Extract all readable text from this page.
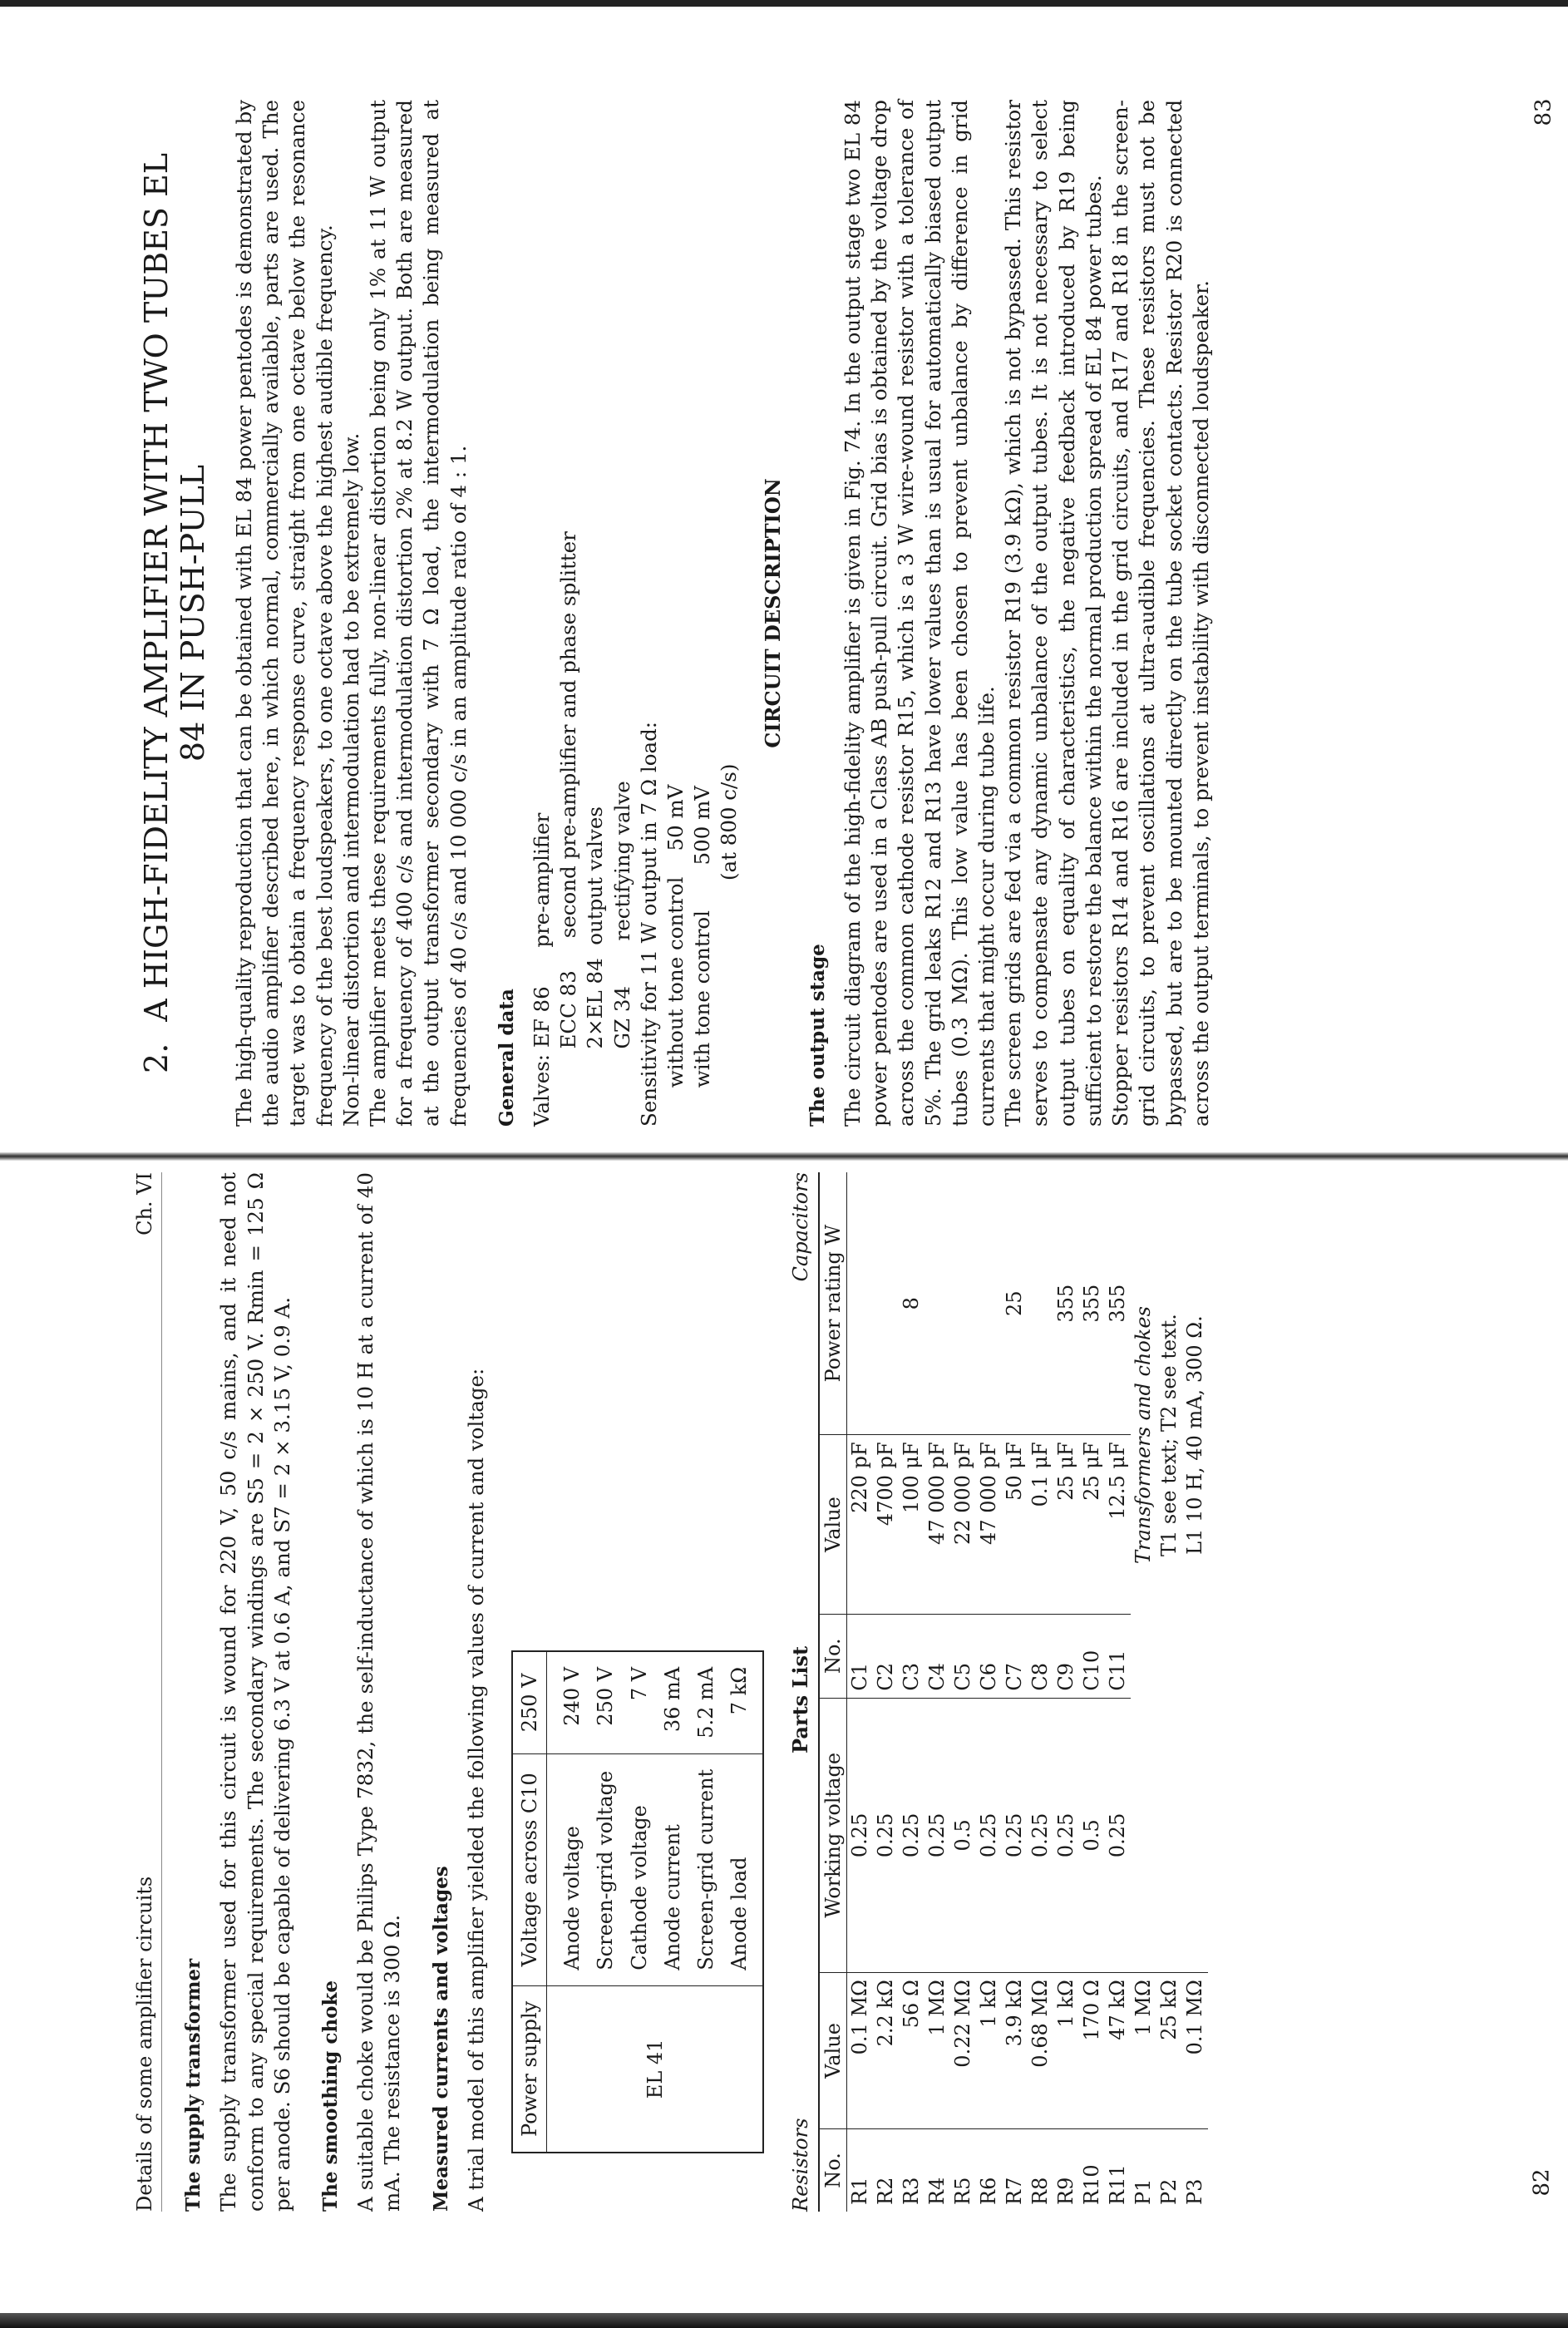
2.A HIGH-FIDELITY AMPLIFIER WITH TWO TUBES EL 84 IN PUSH-PULL The high-quality reproduction that can be obtained with EL 84 power pentodes is demonstrated by the audio amplifier described here, in which normal, commercially available, parts are used. The target was to obtain a frequency response curve, straight from one octave below the resonance frequency of the best loudspeakers, to one octave above the highest audible frequency. Non-linear distortion and intermodulation had to be extremely low. The amplifier meets these requirements fully, non-linear distortion being only 1% at 11 W output for a frequency of 400 c/s and intermodulation distortion 2% at 8.2 W output. Both are measured at the output transformer secondary with 7 Ω load, the intermodulation being measured at frequencies of 40 c/s and 10 000 c/s in an amplitude ratio of 4 : 1. General data Valves: EF 86      pre-amplifier ECC 83     second pre-amplifier and phase splitter 2×EL 84  output valves GZ 34       rectifying valve Sensitivity for 11 W output in 7 Ω load: without tone control    50 mV with tone control       500 mV (at 800 c/s)
CIRCUIT DESCRIPTION
The output stage The circuit diagram of the high-fidelity amplifier is given in Fig. 74. In the output stage two EL 84 power pentodes are used in a Class AB push-pull circuit. Grid bias is obtained by the voltage drop across the common cathode resistor R15, which is a 3 W wire-wound resistor with a tolerance of 5%. The grid leaks R12 and R13 have lower values than is usual for automatically biased output tubes (0.3 MΩ). This low value has been chosen to prevent unbalance by difference in grid currents that might occur during tube life. The screen grids are fed via a common resistor R19 (3.9 kΩ), which is not bypassed. This resistor serves to compensate any dynamic unbalance of the output tubes. It is not necessary to select output tubes on equality of characteristics, the negative feedback introduced by R19 being sufficient to restore the balance within the normal production spread of EL 84 power tubes. Stopper resistors R14 and R16 are included in the grid circuits, and R17 and R18 in the screen-grid circuits, to prevent oscillations at ultra-audible frequencies. These resistors must not be bypassed, but are to be mounted directly on the tube socket contacts. Resistor R20 is connected across the output terminals, to prevent instability with disconnected loudspeaker.

83
Details of some amplifier circuits
Ch. VI
The supply transformer The supply transformer used for this circuit is wound for 220 V, 50 c/s mains, and it need not conform to any special requirements. The secondary windings are S5 = 2 × 250 V. Rmin = 125 Ω per anode. S6 should be capable of delivering 6.3 V at 0.6 A, and S7 = 2 × 3.15 V, 0.9 A. The smoothing choke A suitable choke would be Philips Type 7832, the self-inductance of which is 10 H at a current of 40 mA. The resistance is 300 Ω. Measured currents and voltages A trial model of this amplifier yielded the following values of current and voltage: Power supply	Voltage across C10	250 V
EL 41	Anode voltage	240 V
	Screen-grid voltage	250 V
	Cathode voltage	7 V
	Anode current	36 mA
	Screen-grid current	5.2 mA
	Anode load	7 kΩ
Resistors
Parts List
Capacitors
No.	Value	Working voltage	No.	Value	Power rating W
R1	0.1 MΩ	0.25	C1	220 pF	
R2	2.2 kΩ	0.25	C2	4700 pF	
R3	56 Ω	0.25	C3	100 μF	8
R4	1 MΩ	0.25	C4	47 000 pF	
R5	0.22 MΩ	0.5	C5	22 000 pF	
R6	1 kΩ	0.25	C6	47 000 pF	
R7	3.9 kΩ	0.25	C7	50 μF	25
R8	0.68 MΩ	0.25	C8	0.1 μF	
R9	1 kΩ	0.25	C9	25 μF	355
R10	170 Ω	0.5	C10	25 μF	355
R11	47 kΩ	0.25	C11	12.5 μF	355
P1	1 MΩ		Transformers and chokes		
P2	25 kΩ		T1 see text; T2 see text.		
P3	0.1 MΩ		L1 10 H, 40 mA, 300 Ω.		
82
